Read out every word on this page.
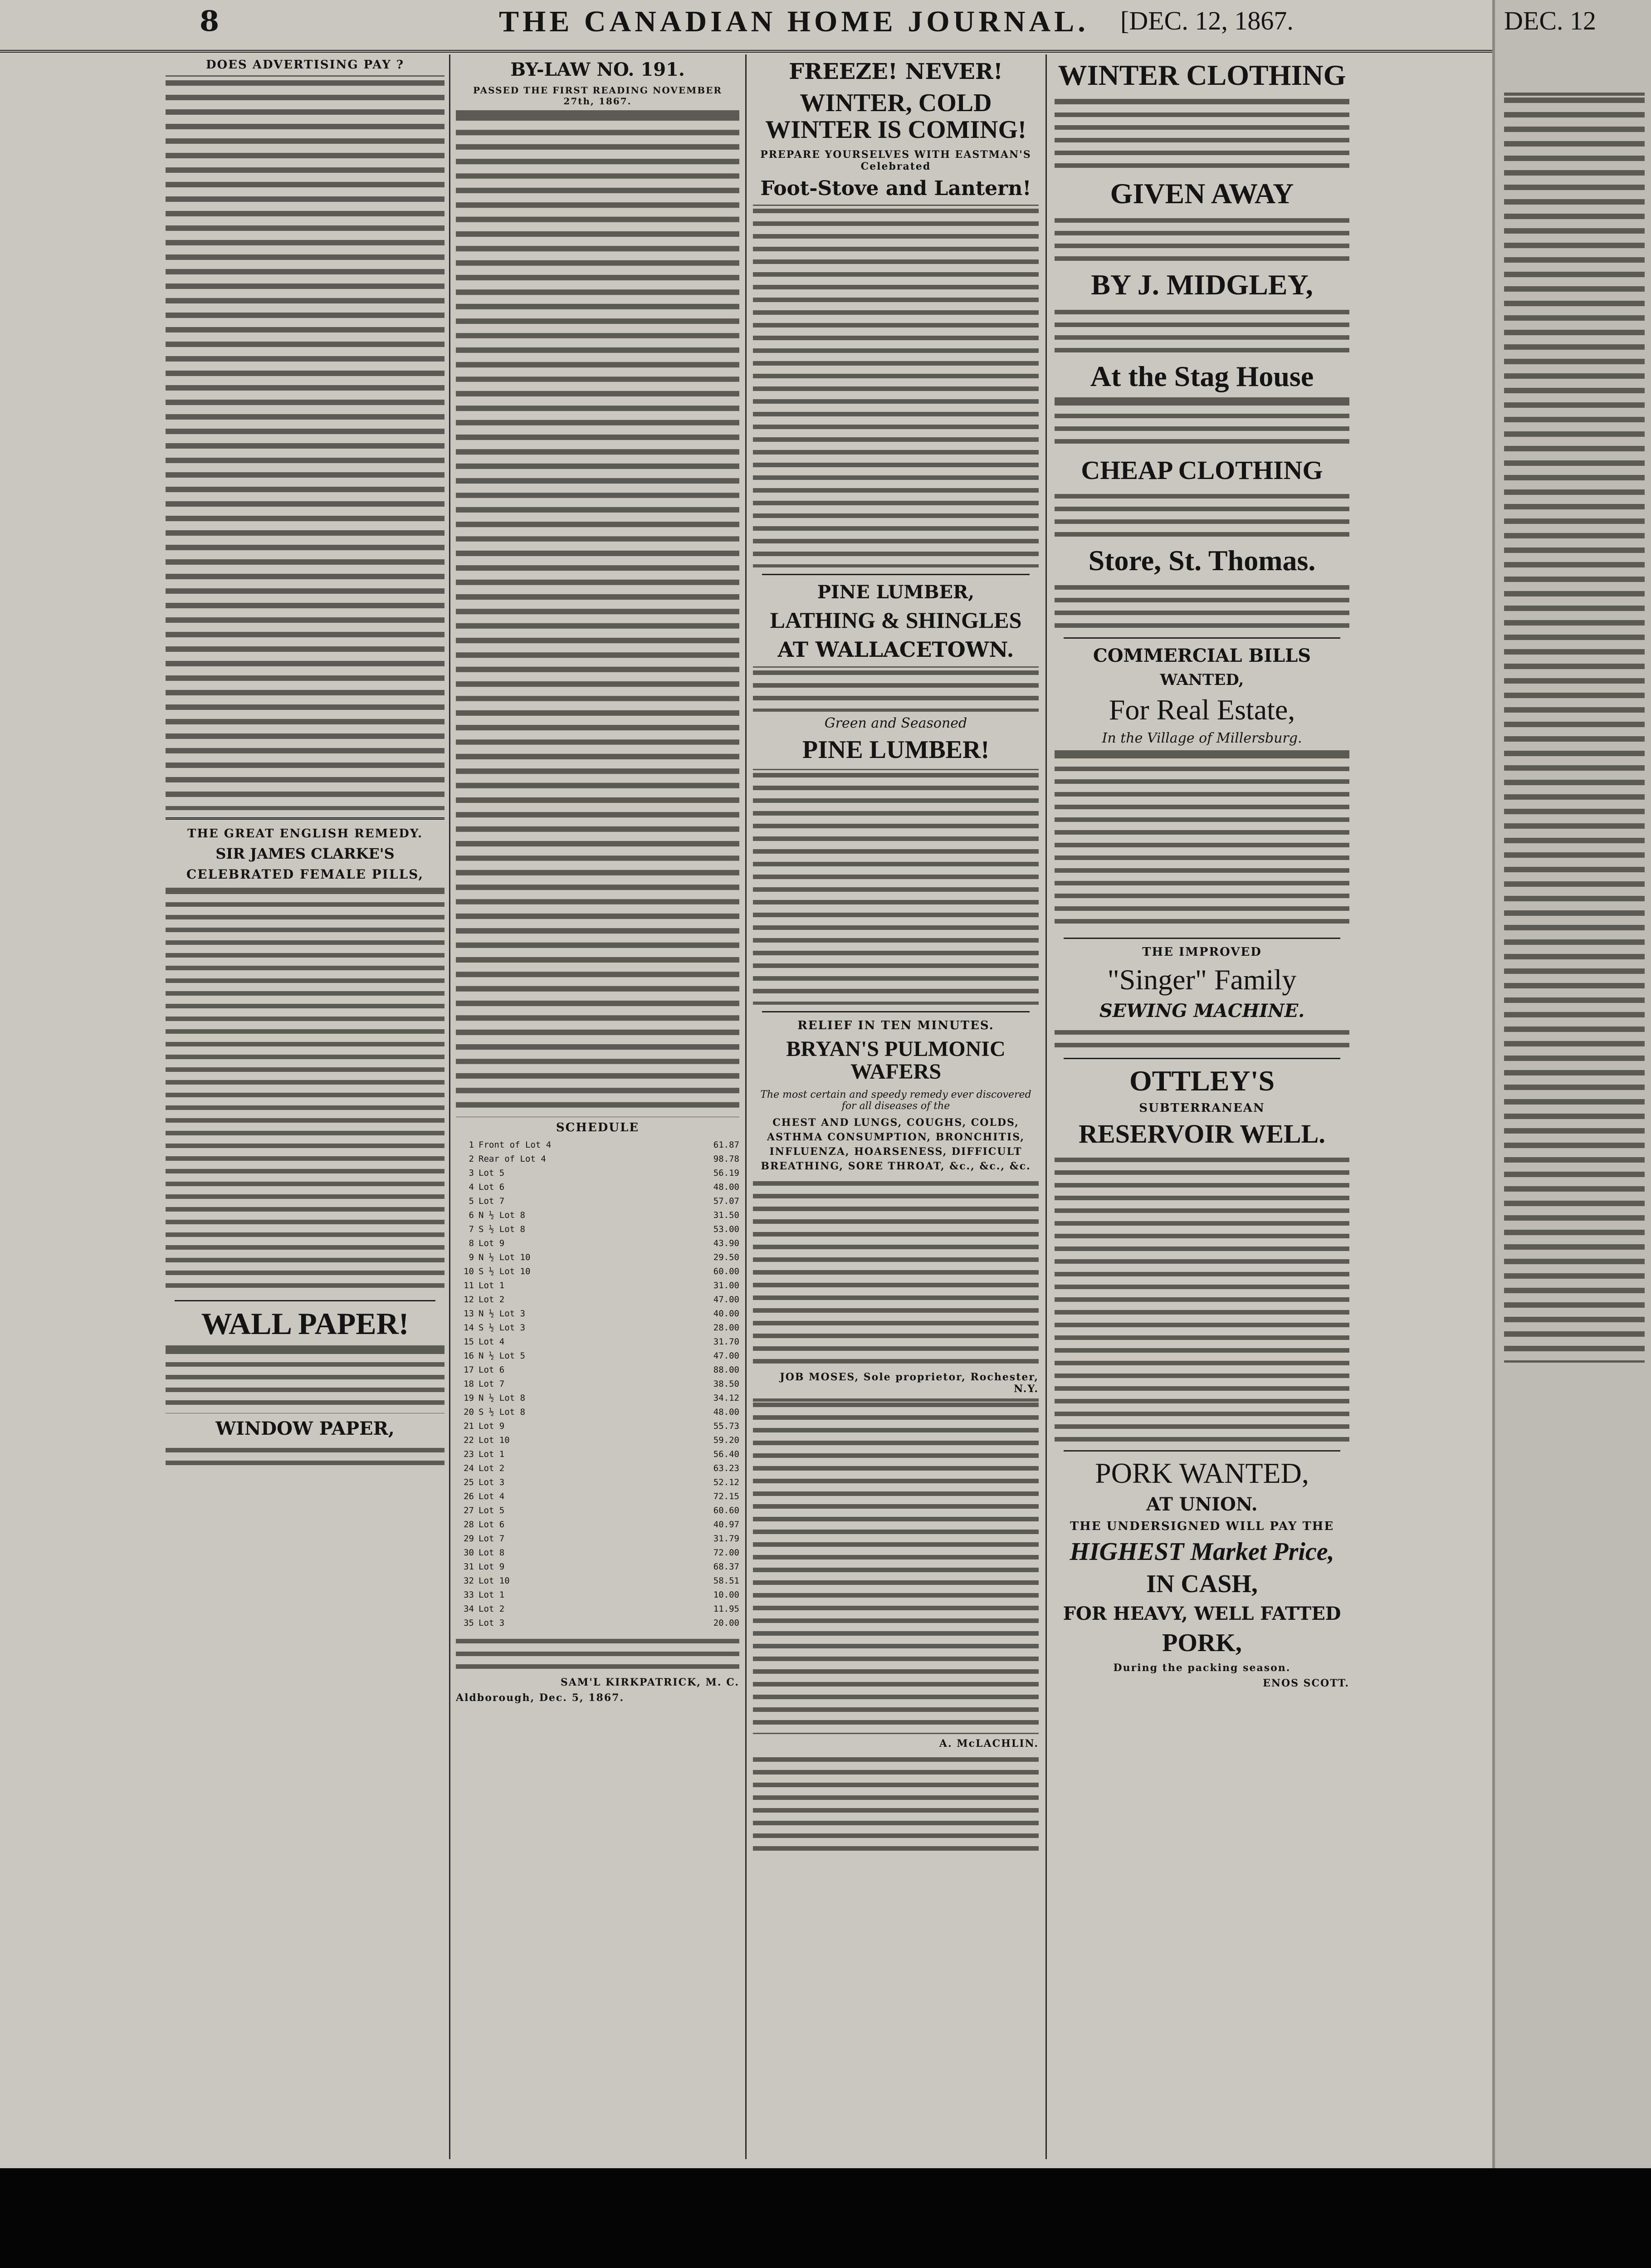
8	THE CANADIAN HOME JOURNAL. [DEC. 12, 1867.
DOES ADVERTISING PAY ?
THE GREAT ENGLISH REMEDY.
SIR JAMES CLARKE'S
CELEBRATED FEMALE PILLS,
WALL PAPER!
WINDOW PAPER,
BY-LAW NO. 191.
PASSED THE FIRST READING NOVEMBER 27th, 1867.
SCHEDULE
1 Front of Lot 4	61.87
2 Rear of Lot 4	98.78
3 Lot 5	56.19
4 Lot 6	48.00
5 Lot 7	57.07
6 N ½ Lot 8	31.50
7 S ½ Lot 8	53.00
8 Lot 9	43.90
9 N ½ Lot 10	29.50
10 S ½ Lot 10	60.00
11 Lot 1	31.00
12 Lot 2	47.00
13 N ½ Lot 3	40.00
14 S ½ Lot 3	28.00
15 Lot 4	31.70
16 N ½ Lot 5	47.00
17 Lot 6	88.00
18 Lot 7	38.50
19 N ½ Lot 8	34.12
20 S ½ Lot 8	48.00
21 Lot 9	55.73
22 Lot 10	59.20
23 Lot 1	56.40
24 Lot 2	63.23
25 Lot 3	52.12
26 Lot 4	72.15
27 Lot 5	60.60
28 Lot 6	40.97
29 Lot 7	31.79
30 Lot 8	72.00
31 Lot 9	68.37
32 Lot 10	58.51
33 Lot 1	10.00
34 Lot 2	11.95
35 Lot 3	20.00
SAM'L KIRKPATRICK, M. C.
Aldborough, Dec. 5, 1867.
FREEZE! NEVER!
WINTER, COLD WINTER IS COMING!
PREPARE YOURSELVES WITH EASTMAN'S Celebrated
Foot-Stove and Lantern!
PINE LUMBER,
LATHING & SHINGLES
AT WALLACETOWN.
Green and Seasoned
PINE LUMBER!
RELIEF IN TEN MINUTES.
BRYAN'S PULMONIC WAFERS
The most certain and speedy remedy ever discovered for all diseases of the
CHEST AND LUNGS, COUGHS, COLDS, ASTHMA CONSUMPTION, BRONCHITIS, INFLUENZA, HOARSENESS, DIFFICULT BREATHING, SORE THROAT, &c., &c., &c.
JOB MOSES, Sole proprietor, Rochester, N.Y.
A. McLACHLIN.
WINTER CLOTHING
GIVEN AWAY
BY J. MIDGLEY,
At the Stag House
CHEAP CLOTHING
Store, St. Thomas.
COMMERCIAL BILLS
WANTED,
For Real Estate,
In the Village of Millersburg.
THE IMPROVED
"Singer" Family
SEWING MACHINE.
OTTLEY'S
SUBTERRANEAN
RESERVOIR WELL.
PORK WANTED,
AT UNION.
THE UNDERSIGNED WILL PAY THE
HIGHEST Market Price,
IN CASH,
FOR HEAVY, WELL FATTED
PORK,
During the packing season.
ENOS SCOTT.
DEC. 12
